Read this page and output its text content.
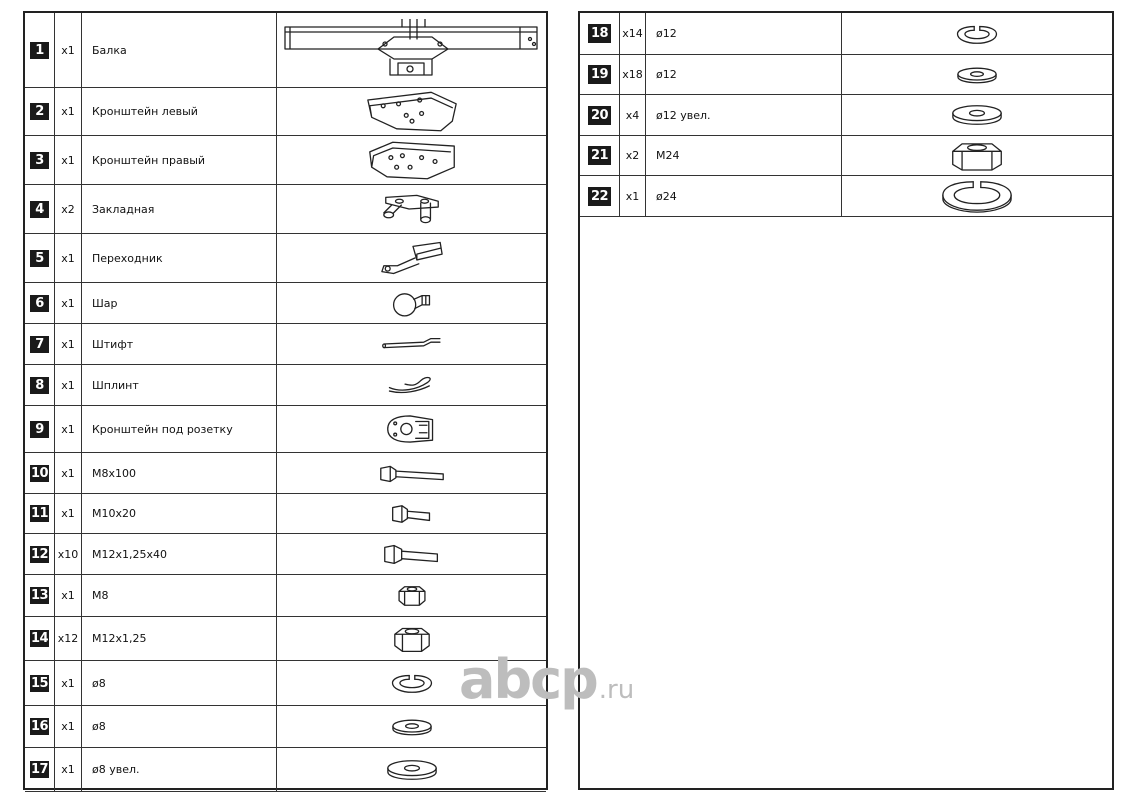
1	x1	Балка
2	x1	Кронштейн левый
3	x1	Кронштейн правый
4	x2	Закладная
5	x1	Переходник
6	x1	Шар
7	x1	Штифт
8	x1	Шплинт
9	x1	Кронштейн под розетку
10	x1	M8x100
11	x1	M10x20
12 x10	M12x1,25x40
13	x1	M8
14 x12	M12x1,25
15	x1	ø8
16	x1	ø8
17	x1	ø8 увел.
18 x14	ø12
19 x18	ø12
20	x4	ø12 увел.
21	x2	M24
22	x1	ø24
abcp .ru
